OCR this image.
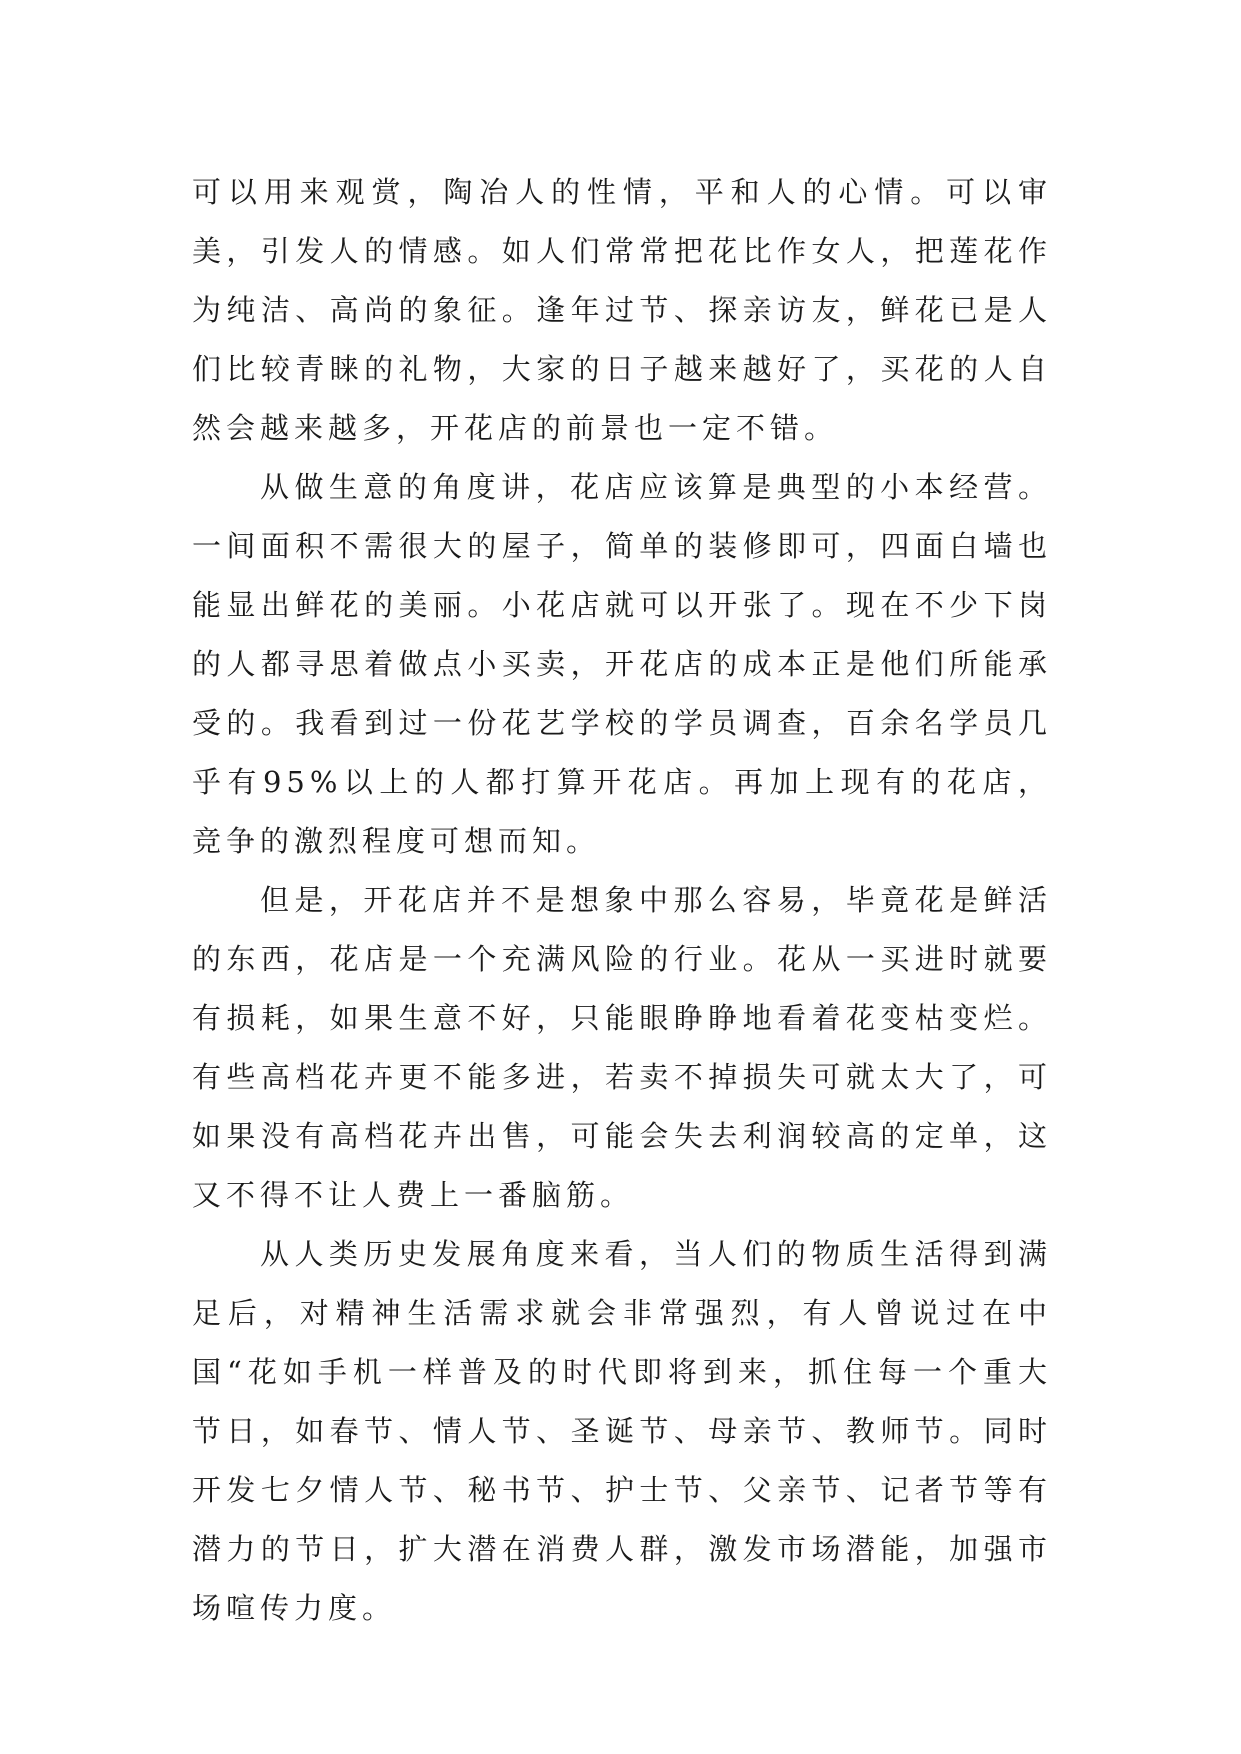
可以用来观赏，陶冶人的性情，平和人的心情。可以审美，引发人的情感。如人们常常把花比作女人，把莲花作为纯洁、高尚的象征。逢年过节、探亲访友，鲜花已是人们比较青睐的礼物，大家的日子越来越好了，买花的人自然会越来越多，开花店的前景也一定不错。

从做生意的角度讲，花店应该算是典型的小本经营。一间面积不需很大的屋子，简单的装修即可，四面白墙也能显出鲜花的美丽。小花店就可以开张了。现在不少下岗的人都寻思着做点小买卖，开花店的成本正是他们所能承受的。我看到过一份花艺学校的学员调查，百余名学员几乎有95%以上的人都打算开花店。再加上现有的花店，竞争的激烈程度可想而知。

但是，开花店并不是想象中那么容易，毕竟花是鲜活的东西，花店是一个充满风险的行业。花从一买进时就要有损耗，如果生意不好，只能眼睁睁地看着花变枯变烂。有些高档花卉更不能多进，若卖不掉损失可就太大了，可如果没有高档花卉出售，可能会失去利润较高的定单，这又不得不让人费上一番脑筋。

从人类历史发展角度来看，当人们的物质生活得到满足后，对精神生活需求就会非常强烈，有人曾说过在中国“花如手机一样普及的时代即将到来，抓住每一个重大节日，如春节、情人节、圣诞节、母亲节、教师节。同时开发七夕情人节、秘书节、护士节、父亲节、记者节等有潜力的节日，扩大潜在消费人群，激发市场潜能，加强市场喧传力度。
